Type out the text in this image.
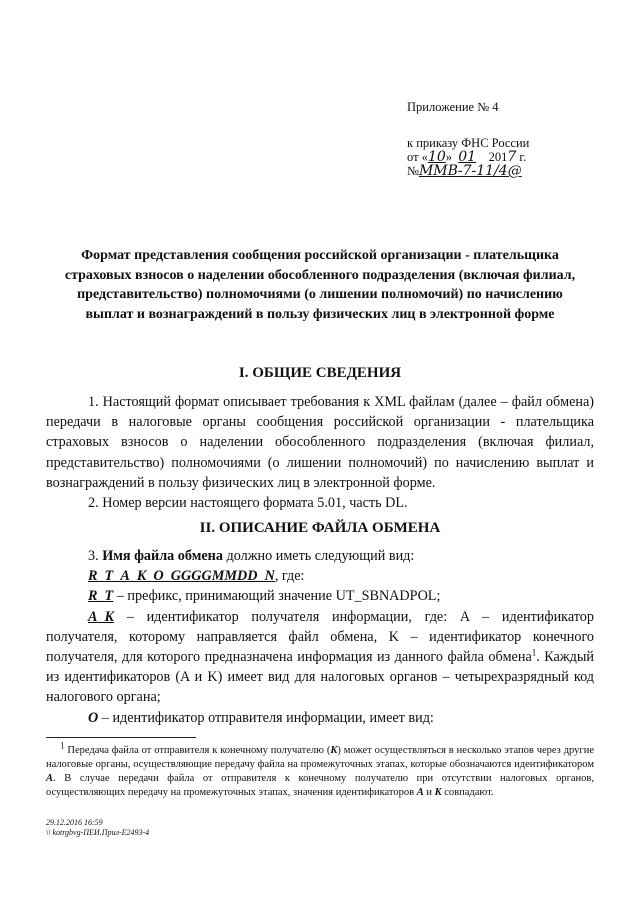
Приложение № 4
к приказу ФНС России
от «10» 01 2017 г.
№ММВ-7-11/4@
Формат представления сообщения российской организации - плательщика
страховых взносов о наделении обособленного подразделения (включая филиал,
представительство) полномочиями (о лишении полномочий) по начислению
выплат и вознаграждений в пользу физических лиц в электронной форме
I. ОБЩИЕ СВЕДЕНИЯ

1. Настоящий формат описывает требования к XML файлам (далее – файл обмена) передачи в налоговые органы сообщения российской организации - плательщика страховых взносов о наделении обособленного подразделения (включая филиал, представительство) полномочиями (о лишении полномочий) по начислению выплат и вознаграждений в пользу физических лиц в электронной форме.

2. Номер версии настоящего формата 5.01, часть DL.

II. ОПИСАНИЕ ФАЙЛА ОБМЕНА

3. Имя файла обмена должно иметь следующий вид:

R_T_A_K_O_GGGGMMDD_N, где:

R_T – префикс, принимающий значение UT_SBNADPOL;

A_K – идентификатор получателя информации, где: A – идентификатор получателя, которому направляется файл обмена, K – идентификатор конечного получателя, для которого предназначена информация из данного файла обмена$^1$. Каждый из идентификаторов (A и K) имеет вид для налоговых органов – четырехразрядный код налогового органа;

O – идентификатор отправителя информации, имеет вид:

1 Передача файла от отправителя к конечному получателю (K) может осуществляться в несколько этапов через другие налоговые органы, осуществляющие передачу файла на промежуточных этапах, которые обозначаются идентификатором A. В случае передачи файла от отправителя к конечному получателю при отсутствии налоговых органов, осуществляющих передачу на промежуточных этапах, значения идентификаторов A и K совпадают.
29.12.2016 16:59
\\ kotrgbvg-ПЕИ.Прил-Е2493-4
